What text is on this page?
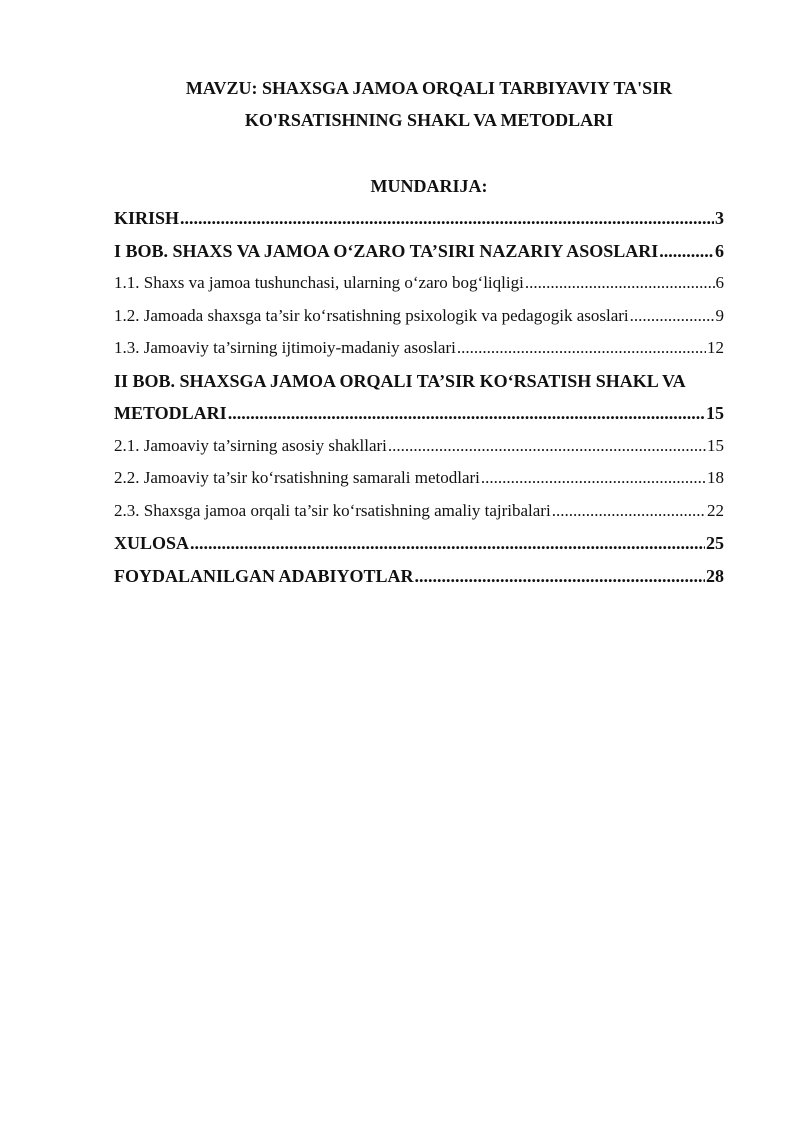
MAVZU: SHAXSGA JAMOA ORQALI TARBIYAVIY TA'SIR
KO'RSATISHNING SHAKL VA METODLARI
MUNDARIJA:
KIRISH .....	3
I BOB. SHAXS VA JAMOA O‘ZARO TA’SIRI NAZARIY ASOSLARI .....	6
1.1. Shaxs va jamoa tushunchasi, ularning o‘zaro bog‘liqligi .....	6
1.2. Jamoada shaxsga ta’sir ko‘rsatishning psixologik va pedagogik asoslari .....	9
1.3. Jamoaviy ta’sirning ijtimoiy-madaniy asoslari .....	12
II BOB. SHAXSGA JAMOA ORQALI TA’SIR KO‘RSATISH SHAKL VA
METODLARI .....	15
2.1. Jamoaviy ta’sirning asosiy shakllari .....	15
2.2. Jamoaviy ta’sir ko‘rsatishning samarali metodlari .....	18
2.3. Shaxsga jamoa orqali ta’sir ko‘rsatishning amaliy tajribalari .....	22
XULOSA .....	25
FOYDALANILGAN ADABIYOTLAR .....	28
